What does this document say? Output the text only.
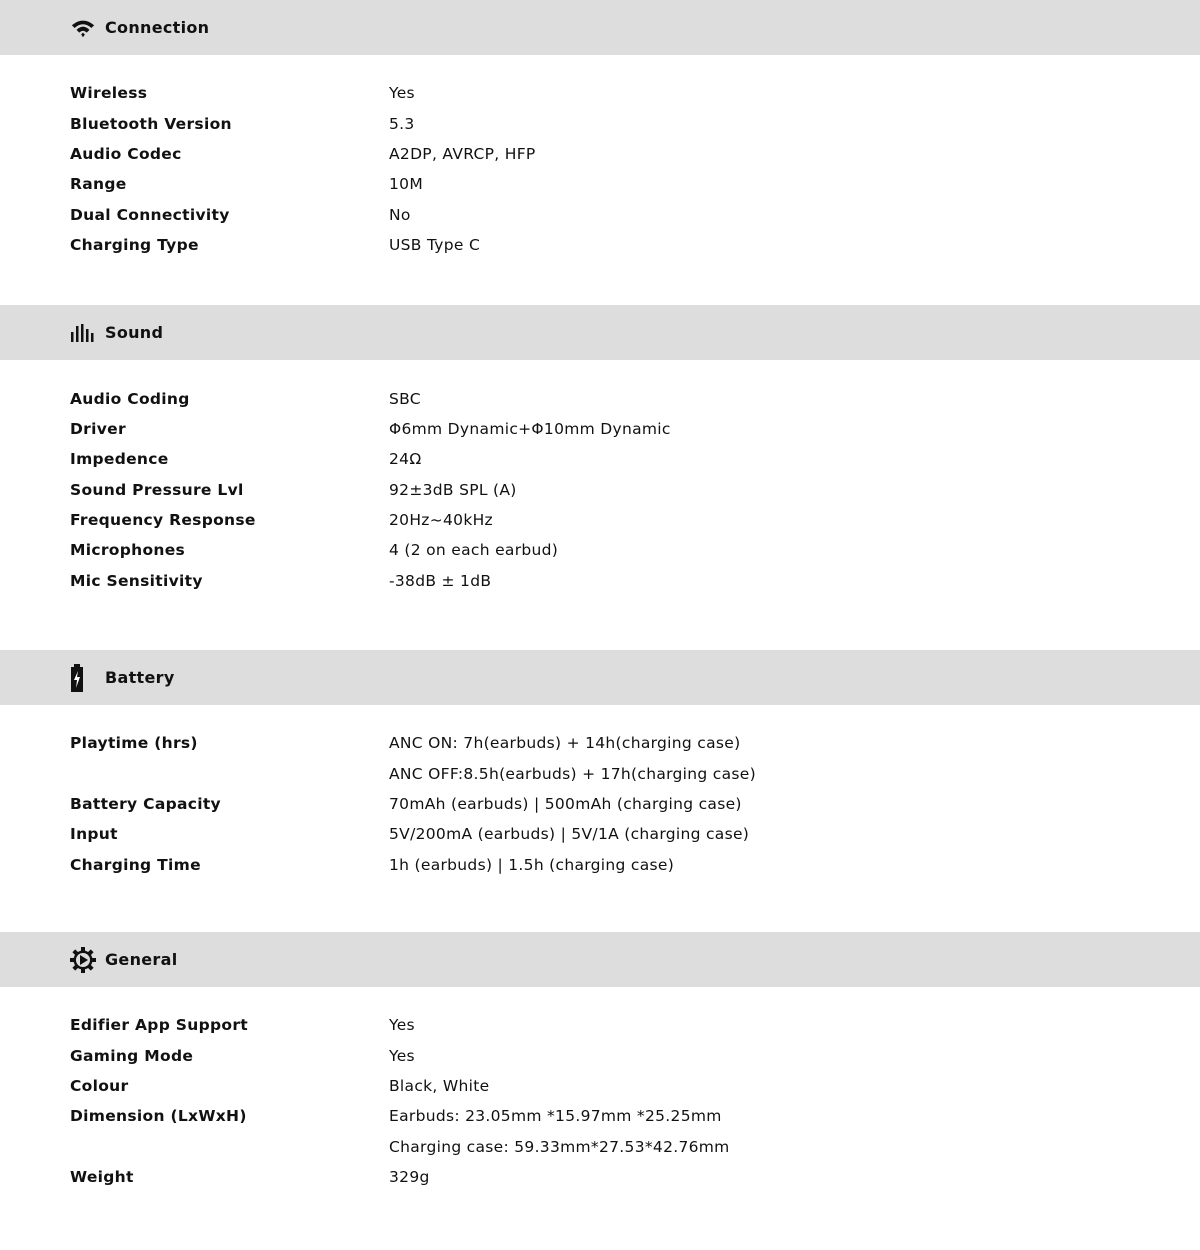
Connection
Wireless	Yes
Bluetooth Version	5.3
Audio Codec	A2DP, AVRCP, HFP
Range	10M
Dual Connectivity	No
Charging Type	USB Type C
Sound
Audio Coding	SBC
Driver	Φ6mm Dynamic+Φ10mm Dynamic
Impedence	24Ω
Sound Pressure Lvl	92±3dB SPL (A)
Frequency Response	20Hz~40kHz
Microphones	4 (2 on each earbud)
Mic Sensitivity	-38dB ± 1dB
Battery
Playtime (hrs)	ANC ON: 7h(earbuds) + 14h(charging case)
ANC OFF:8.5h(earbuds) + 17h(charging case)
Battery Capacity	70mAh (earbuds) | 500mAh (charging case)
Input	5V/200mA (earbuds) | 5V/1A (charging case)
Charging Time	1h (earbuds) | 1.5h (charging case)
General
Edifier App Support	Yes
Gaming Mode	Yes
Colour	Black, White
Dimension (LxWxH)	Earbuds: 23.05mm *15.97mm *25.25mm
Charging case: 59.33mm*27.53*42.76mm
Weight	329g
